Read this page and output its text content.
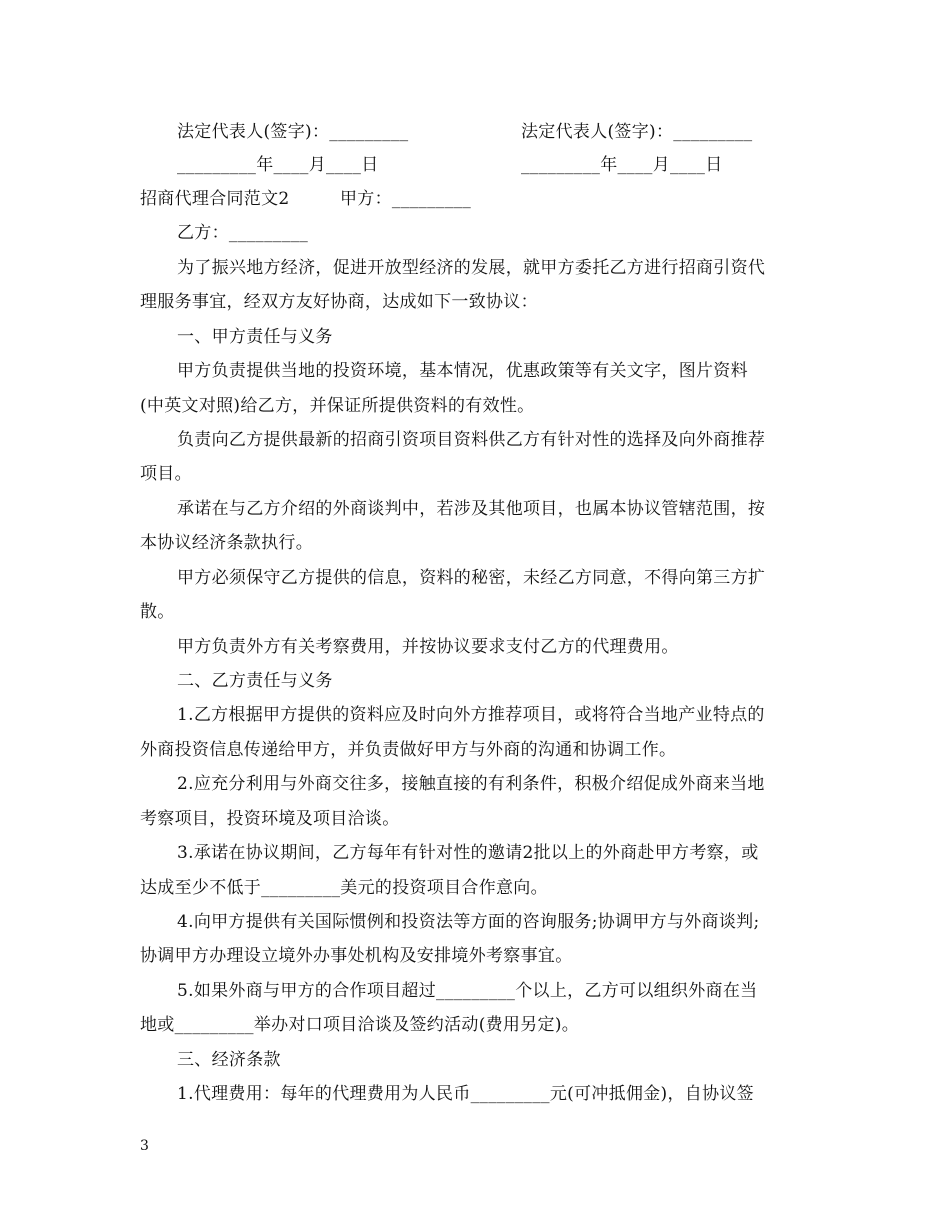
法定代表人(签字)：_________	法定代表人(签字)：_________
_________年____月____日	_________年____月____日
招商代理合同范文2	甲方：_________
乙方：_________
为了振兴地方经济，促进开放型经济的发展，就甲方委托乙方进行招商引资代
理服务事宜，经双方友好协商，达成如下一致协议：
一、甲方责任与义务
甲方负责提供当地的投资环境，基本情况，优惠政策等有关文字，图片资料
(中英文对照)给乙方，并保证所提供资料的有效性。
负责向乙方提供最新的招商引资项目资料供乙方有针对性的选择及向外商推荐
项目。
承诺在与乙方介绍的外商谈判中，若涉及其他项目，也属本协议管辖范围，按
本协议经济条款执行。
甲方必须保守乙方提供的信息，资料的秘密，未经乙方同意，不得向第三方扩
散。
甲方负责外方有关考察费用，并按协议要求支付乙方的代理费用。
二、乙方责任与义务
1.乙方根据甲方提供的资料应及时向外方推荐项目，或将符合当地产业特点的
外商投资信息传递给甲方，并负责做好甲方与外商的沟通和协调工作。
2.应充分利用与外商交往多，接触直接的有利条件，积极介绍促成外商来当地
考察项目，投资环境及项目洽谈。
3.承诺在协议期间，乙方每年有针对性的邀请2批以上的外商赴甲方考察，或
达成至少不低于_________美元的投资项目合作意向。
4.向甲方提供有关国际惯例和投资法等方面的咨询服务;协调甲方与外商谈判;
协调甲方办理设立境外办事处机构及安排境外考察事宜。
5.如果外商与甲方的合作项目超过_________个以上，乙方可以组织外商在当
地或_________举办对口项目洽谈及签约活动(费用另定)。
三、经济条款
1.代理费用：每年的代理费用为人民币_________元(可冲抵佣金)，自协议签
3
